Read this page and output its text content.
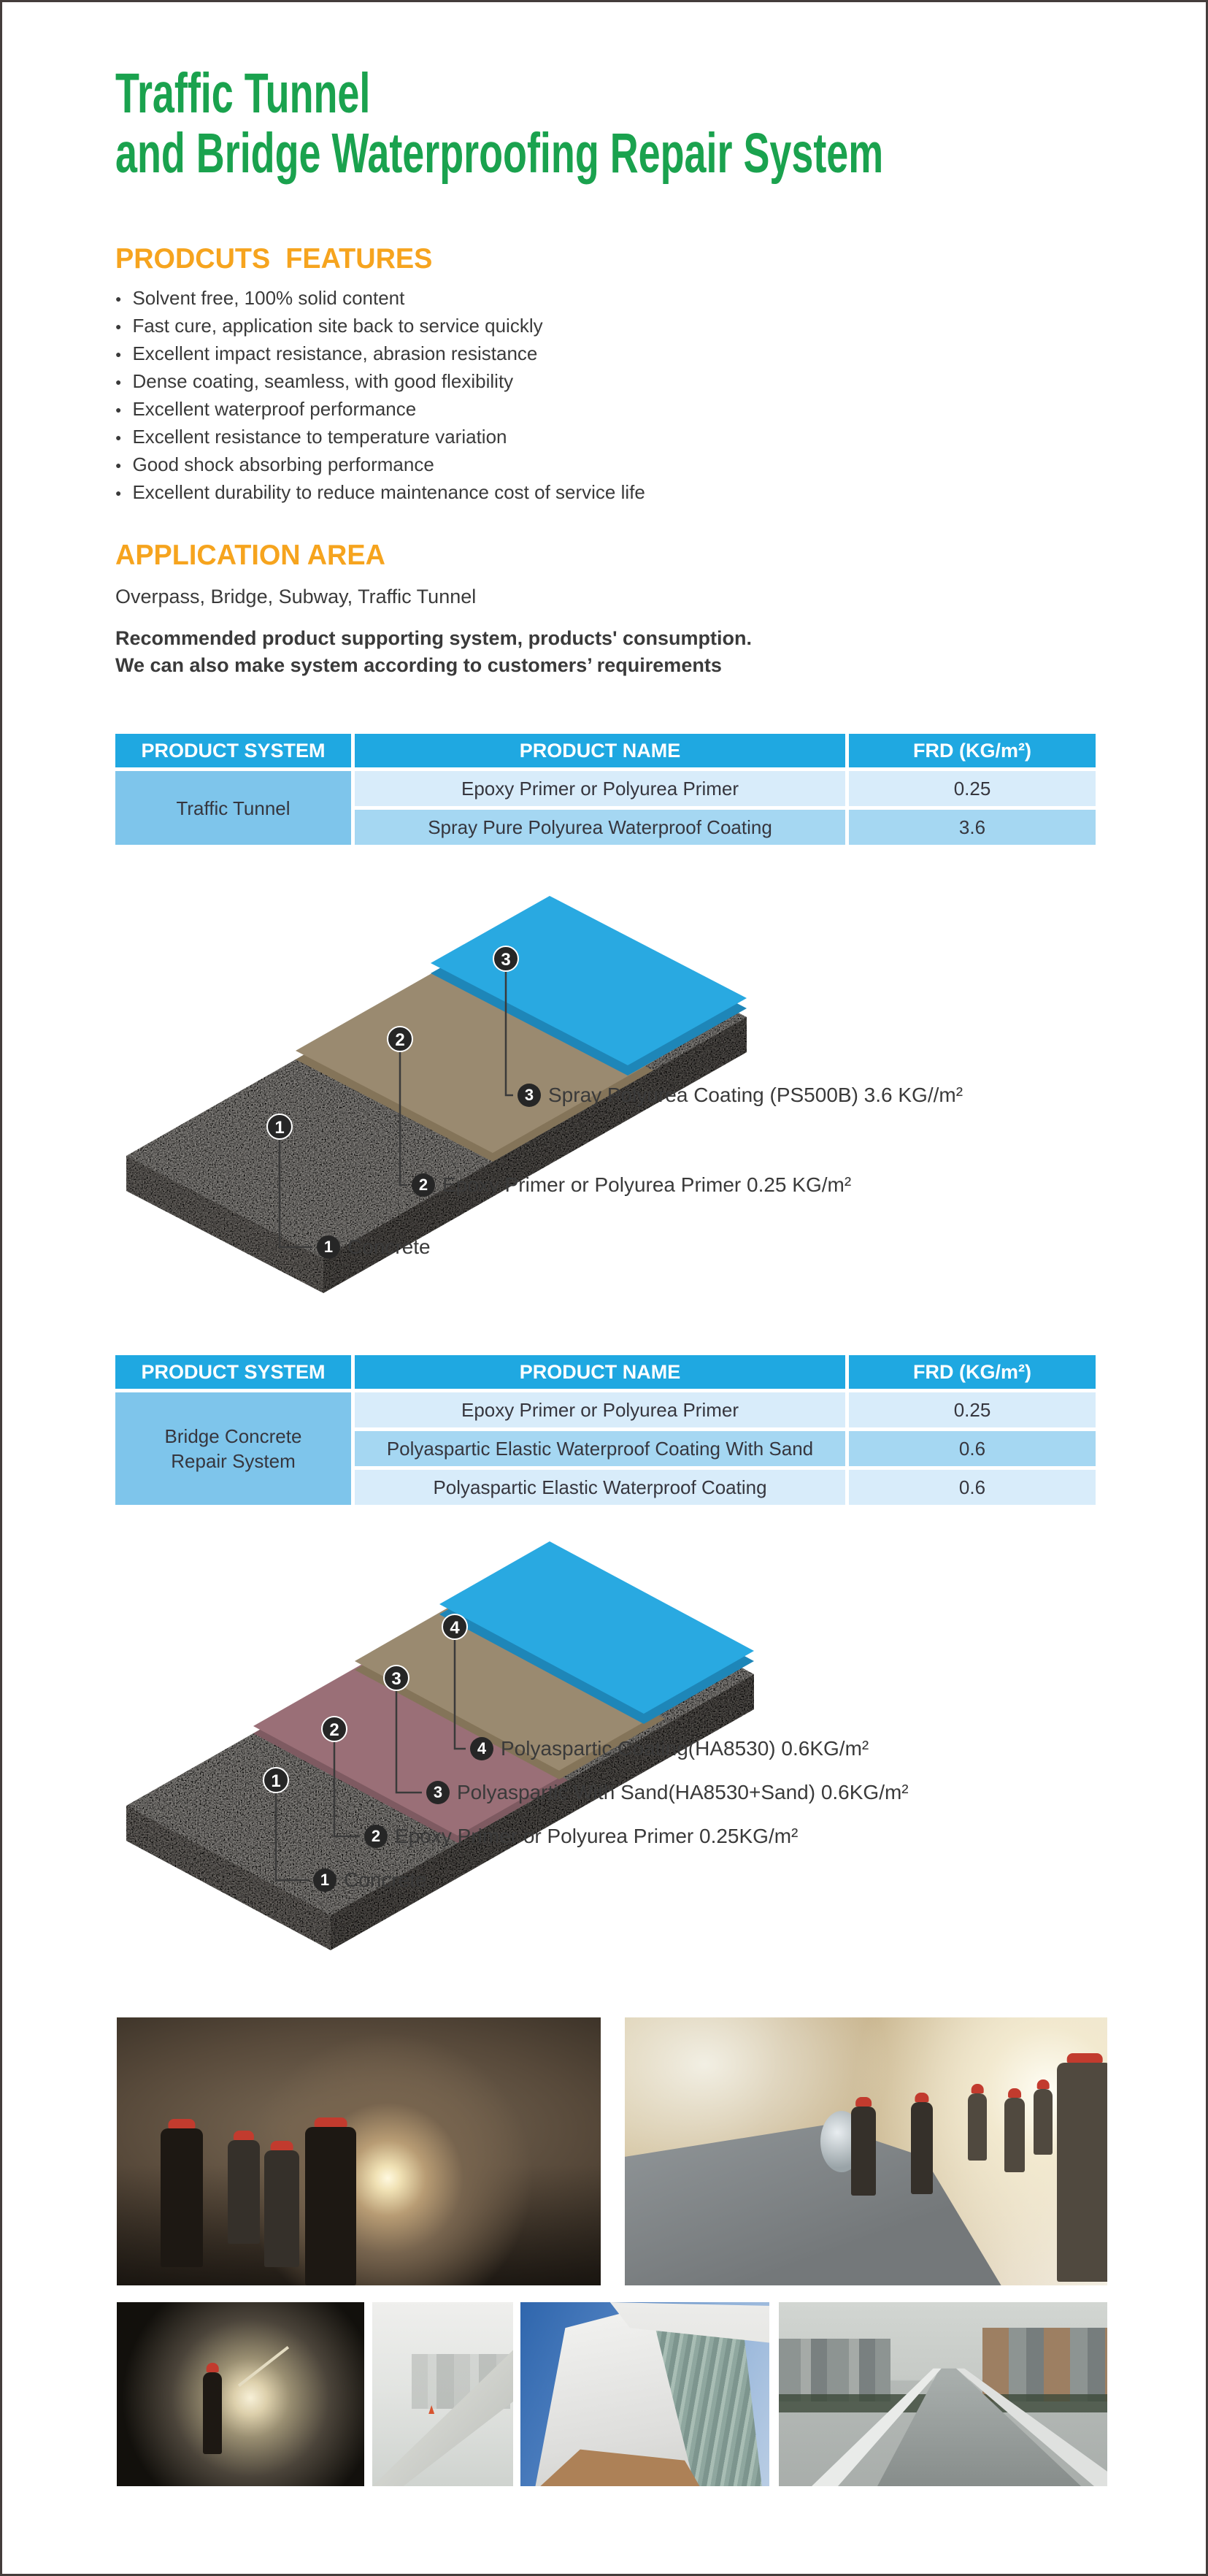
Traffic Tunnel
and Bridge Waterproofing Repair System
PRODCUTS  FEATURES
● Solvent free, 100% solid content
● Fast cure, application site back to service quickly
● Excellent impact resistance, abrasion resistance
● Dense coating, seamless, with good flexibility
● Excellent waterproof performance
● Excellent resistance to temperature variation
● Good shock absorbing performance
● Excellent durability to reduce maintenance cost of service life
APPLICATION AREA
Overpass, Bridge, Subway, Traffic Tunnel
Recommended product supporting system, products' consumption.
We can also make system according to customers’ requirements
PRODUCT SYSTEM	PRODUCT NAME	FRD (KG/m²)
Traffic Tunnel
Epoxy Primer or Polyurea Primer	0.25
Spray Pure Polyurea Waterproof Coating	3.6
3
2
1
3 Spray Polyurea Coating (PS500B) 3.6 KG//m²
2 Epoxy Primer or Polyurea Primer 0.25 KG/m²
1 Concrete
PRODUCT SYSTEM	PRODUCT NAME	FRD (KG/m²)
Bridge Concrete Repair System
Epoxy Primer or Polyurea Primer	0.25
Polyaspartic Elastic Waterproof Coating With Sand	0.6
Polyaspartic Elastic Waterproof Coating	0.6
4
3
2
1
4 Polyaspartic Coating(HA8530) 0.6KG/m²
3 Polyaspartic With Sand(HA8530+Sand) 0.6KG/m²
2 Epoxy Primer or Polyurea Primer 0.25KG/m²
1 Concrete
